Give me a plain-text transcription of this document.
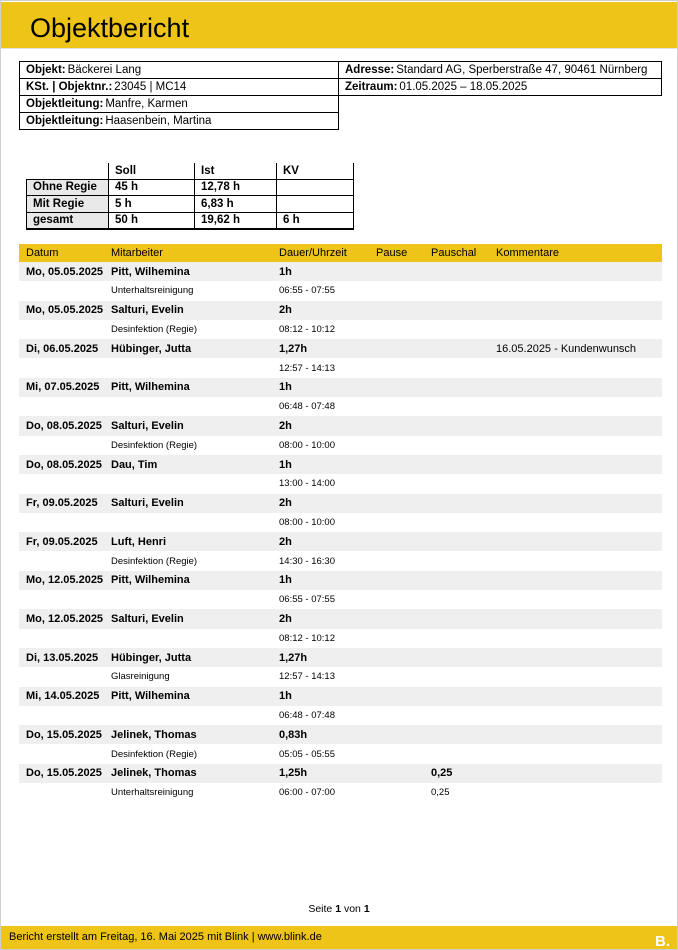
Objektbericht
Objekt: Bäckerei Lang
KSt. | Objektnr.: 23045 | MC14
Objektleitung: Manfre, Karmen
Objektleitung: Haasenbein, Martina
Adresse: Standard AG, Sperberstraße 47, 90461 Nürnberg
Zeitraum: 01.05.2025 – 18.05.2025
	Soll	Ist	KV
Ohne Regie	45 h	12,78 h	
Mit Regie	5 h	6,83 h	
gesamt	50 h	19,62 h	6 h
Datum	Mitarbeiter	Dauer/Uhrzeit	Pause	Pauschal	Kommentare
Mo, 05.05.2025	Pitt, Wilhemina	1h			
	Unterhaltsreinigung	06:55 - 07:55			
Mo, 05.05.2025	Salturi, Evelin	2h			
	Desinfektion (Regie)	08:12 - 10:12			
Di, 06.05.2025	Hübinger, Jutta	1,27h			16.05.2025 - Kundenwunsch
		12:57 - 14:13			
Mi, 07.05.2025	Pitt, Wilhemina	1h			
		06:48 - 07:48			
Do, 08.05.2025	Salturi, Evelin	2h			
	Desinfektion (Regie)	08:00 - 10:00			
Do, 08.05.2025	Dau, Tim	1h			
		13:00 - 14:00			
Fr, 09.05.2025	Salturi, Evelin	2h			
		08:00 - 10:00			
Fr, 09.05.2025	Luft, Henri	2h			
	Desinfektion (Regie)	14:30 - 16:30			
Mo, 12.05.2025	Pitt, Wilhemina	1h			
		06:55 - 07:55			
Mo, 12.05.2025	Salturi, Evelin	2h			
		08:12 - 10:12			
Di, 13.05.2025	Hübinger, Jutta	1,27h			
	Glasreinigung	12:57 - 14:13			
Mi, 14.05.2025	Pitt, Wilhemina	1h			
		06:48 - 07:48			
Do, 15.05.2025	Jelinek, Thomas	0,83h			
	Desinfektion (Regie)	05:05 - 05:55			
Do, 15.05.2025	Jelinek, Thomas	1,25h		0,25	
	Unterhaltsreinigung	06:00 - 07:00		0,25	
Seite 1 von 1
Bericht erstellt am Freitag, 16. Mai 2025 mit Blink | www.blink.de	B.
